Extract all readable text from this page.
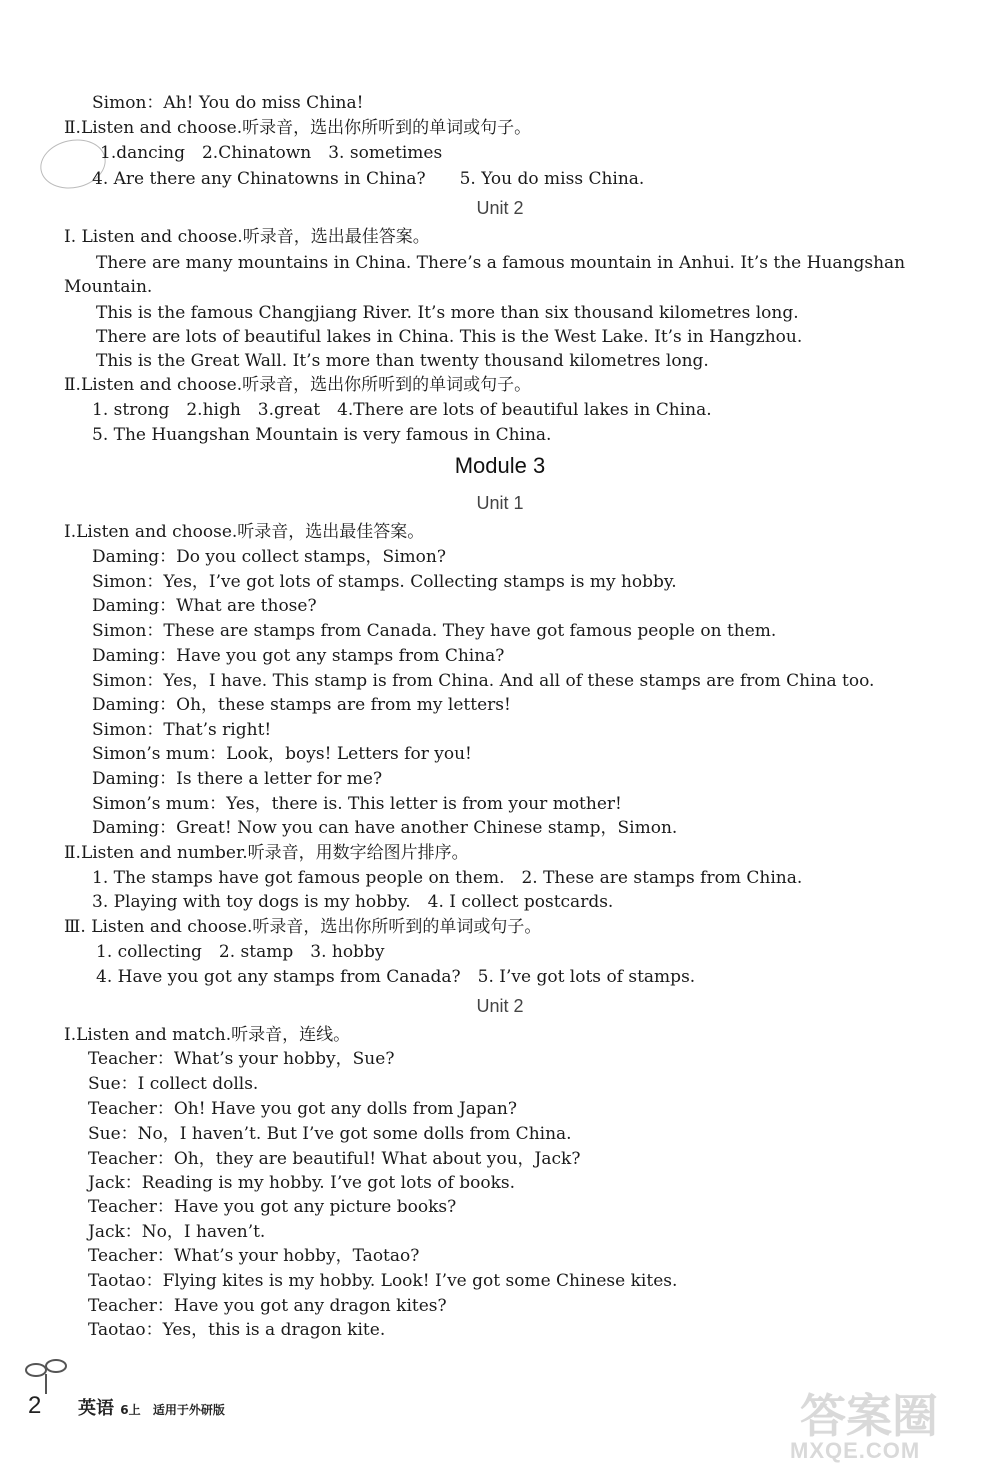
Simon：Ah! You do miss China!
Ⅱ.Listen and choose.听录音，选出你所听到的单词或句子。
1.dancing　2.Chinatown　3. sometimes
4. Are there any Chinatowns in China?　　5. You do miss China.
Unit 2
Ⅰ. Listen and choose.听录音，选出最佳答案。
There are many mountains in China. There’s a famous mountain in Anhui. It’s the Huangshan
Mountain.
This is the famous Changjiang River. It’s more than six thousand kilometres long.
There are lots of beautiful lakes in China. This is the West Lake. It’s in Hangzhou.
This is the Great Wall. It’s more than twenty thousand kilometres long.
Ⅱ.Listen and choose.听录音，选出你所听到的单词或句子。
1. strong　2.high　3.great　4.There are lots of beautiful lakes in China.
5. The Huangshan Mountain is very famous in China.
Module 3
Unit 1
Ⅰ.Listen and choose.听录音，选出最佳答案。
Daming：Do you collect stamps，Simon?
Simon：Yes，I’ve got lots of stamps. Collecting stamps is my hobby.
Daming：What are those?
Simon：These are stamps from Canada. They have got famous people on them.
Daming：Have you got any stamps from China?
Simon：Yes，I have. This stamp is from China. And all of these stamps are from China too.
Daming：Oh，these stamps are from my letters!
Simon：That’s right!
Simon’s mum：Look，boys! Letters for you!
Daming：Is there a letter for me?
Simon’s mum：Yes，there is. This letter is from your mother!
Daming：Great! Now you can have another Chinese stamp，Simon.
Ⅱ.Listen and number.听录音，用数字给图片排序。
1. The stamps have got famous people on them.　2. These are stamps from China.
3. Playing with toy dogs is my hobby.　4. I collect postcards.
Ⅲ. Listen and choose.听录音，选出你所听到的单词或句子。
1. collecting　2. stamp　3. hobby
4. Have you got any stamps from Canada?　5. I’ve got lots of stamps.
Unit 2
Ⅰ.Listen and match.听录音，连线。
Teacher：What’s your hobby，Sue?
Sue：I collect dolls.
Teacher：Oh! Have you got any dolls from Japan?
Sue：No，I haven’t. But I’ve got some dolls from China.
Teacher：Oh，they are beautiful! What about you，Jack?
Jack：Reading is my hobby. I’ve got lots of books.
Teacher：Have you got any picture books?
Jack：No，I haven’t.
Teacher：What’s your hobby，Taotao?
Taotao：Flying kites is my hobby. Look! I’ve got some Chinese kites.
Teacher：Have you got any dragon kites?
Taotao：Yes，this is a dragon kite.
2 英语 6上 适用于外研版	答案圈
MXQE.COM
